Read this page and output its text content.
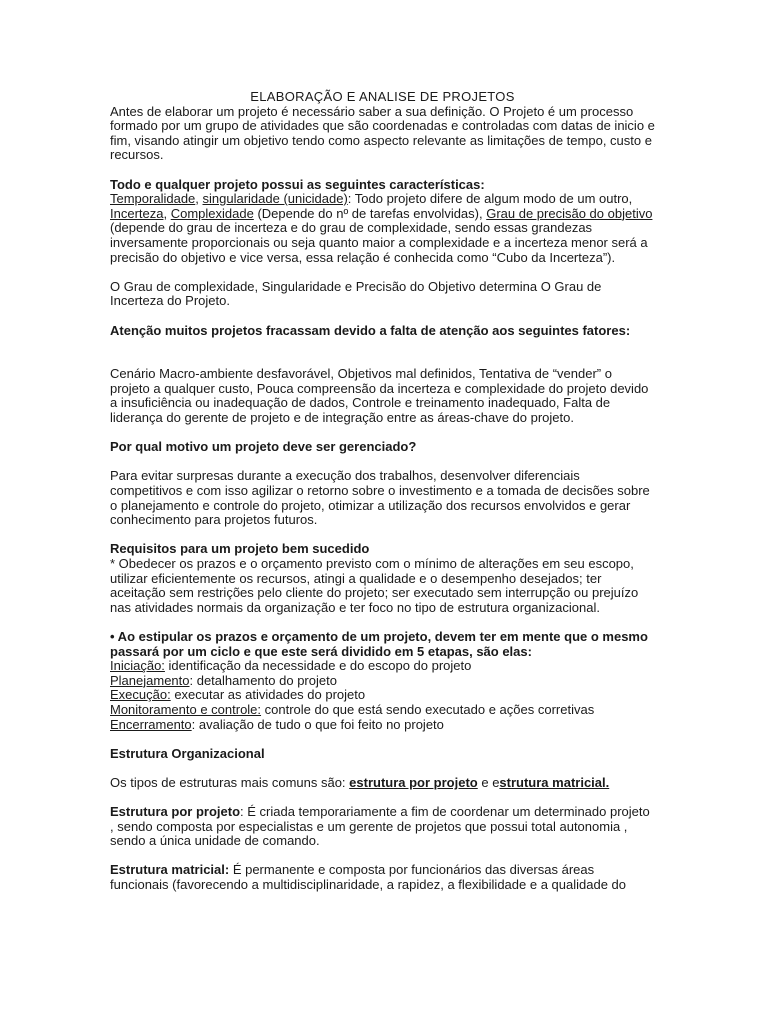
ELABORAÇÃO E ANALISE DE PROJETOS

Antes de elaborar um projeto é necessário saber a sua definição. O Projeto é um processo formado por um grupo de atividades que são coordenadas e controladas com datas de inicio e fim, visando atingir um objetivo tendo como aspecto relevante as limitações de tempo, custo e recursos.

Todo e qualquer projeto possui as seguintes características:

Temporalidade, singularidade (unicidade): Todo projeto difere de algum modo de um outro, Incerteza, Complexidade (Depende do nº de tarefas envolvidas), Grau de precisão do objetivo (depende do grau de incerteza e do grau de complexidade, sendo essas grandezas inversamente proporcionais ou seja quanto maior a complexidade e a incerteza menor será a precisão do objetivo e vice versa, essa relação é conhecida como “Cubo da Incerteza”).

O Grau de complexidade, Singularidade e Precisão do Objetivo determina O Grau de Incerteza do Projeto.

Atenção muitos projetos fracassam devido a falta de atenção aos seguintes fatores:

Cenário Macro-ambiente desfavorável, Objetivos mal definidos, Tentativa de “vender” o projeto a qualquer custo, Pouca compreensão da incerteza e complexidade do projeto devido a insuficiência ou inadequação de dados, Controle e treinamento inadequado, Falta de liderança do gerente de projeto e de integração entre as áreas-chave do projeto.

Por qual motivo um projeto deve ser gerenciado?

Para evitar surpresas durante a execução dos trabalhos, desenvolver diferenciais competitivos e com isso agilizar o retorno sobre o investimento e a tomada de decisões sobre o planejamento e controle do projeto, otimizar a utilização dos recursos envolvidos e gerar conhecimento para projetos futuros.

Requisitos para um projeto bem sucedido

* Obedecer os prazos e o orçamento previsto com o mínimo de alterações em seu escopo, utilizar eficientemente os recursos, atingi a qualidade e o desempenho desejados; ter aceitação sem restrições pelo cliente do projeto; ser executado sem interrupção ou prejuízo nas atividades normais da organização e ter foco no tipo de estrutura organizacional.

• Ao estipular os prazos e orçamento de um projeto, devem ter em mente que o mesmo passará por um ciclo e que este será dividido em 5 etapas, são elas:

Iniciação: identificação da necessidade e do escopo do projeto

Planejamento: detalhamento do projeto

Execução: executar as atividades do projeto

Monitoramento e controle: controle do que está sendo executado e ações corretivas

Encerramento: avaliação de tudo o que foi feito no projeto

Estrutura Organizacional

Os tipos de estruturas mais comuns são: estrutura por projeto e estrutura matricial.

Estrutura por projeto: É criada temporariamente a fim de coordenar um determinado projeto , sendo composta por especialistas e um gerente de projetos que possui total autonomia , sendo a única unidade de comando.

Estrutura matricial: É permanente e composta por funcionários das diversas áreas funcionais (favorecendo a multidisciplinaridade, a rapidez, a flexibilidade e a qualidade do
